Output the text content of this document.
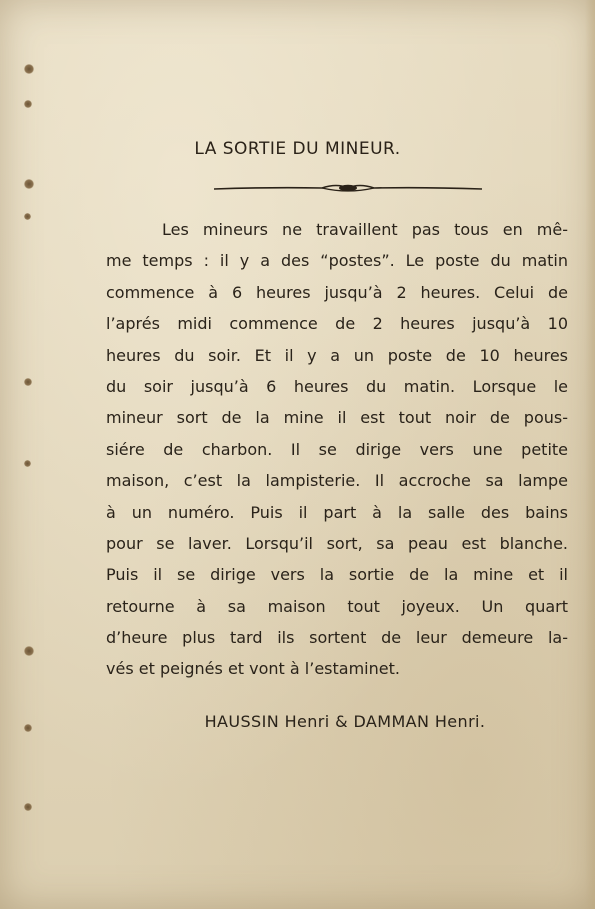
LA SORTIE DU MINEUR.
Les mineurs ne travaillent pas tous en mê-
me temps : il y a des “postes”. Le poste du matin
commence à 6 heures jusqu’à 2 heures. Celui de
l’aprés midi commence de 2 heures jusqu’à 10
heures du soir. Et il y a un poste de 10 heures
du soir jusqu’à 6 heures du matin. Lorsque le
mineur sort de la mine il est tout noir de pous-
siére de charbon. Il se dirige vers une petite
maison, c’est la lampisterie. Il accroche sa lampe
à un numéro. Puis il part à la salle des bains
pour se laver. Lorsqu’il sort, sa peau est blanche.
Puis il se dirige vers la sortie de la mine et il
retourne à sa maison tout joyeux. Un quart
d’heure plus tard ils sortent de leur demeure la-
vés et peignés et vont à l’estaminet.
HAUSSIN Henri & DAMMAN Henri.
